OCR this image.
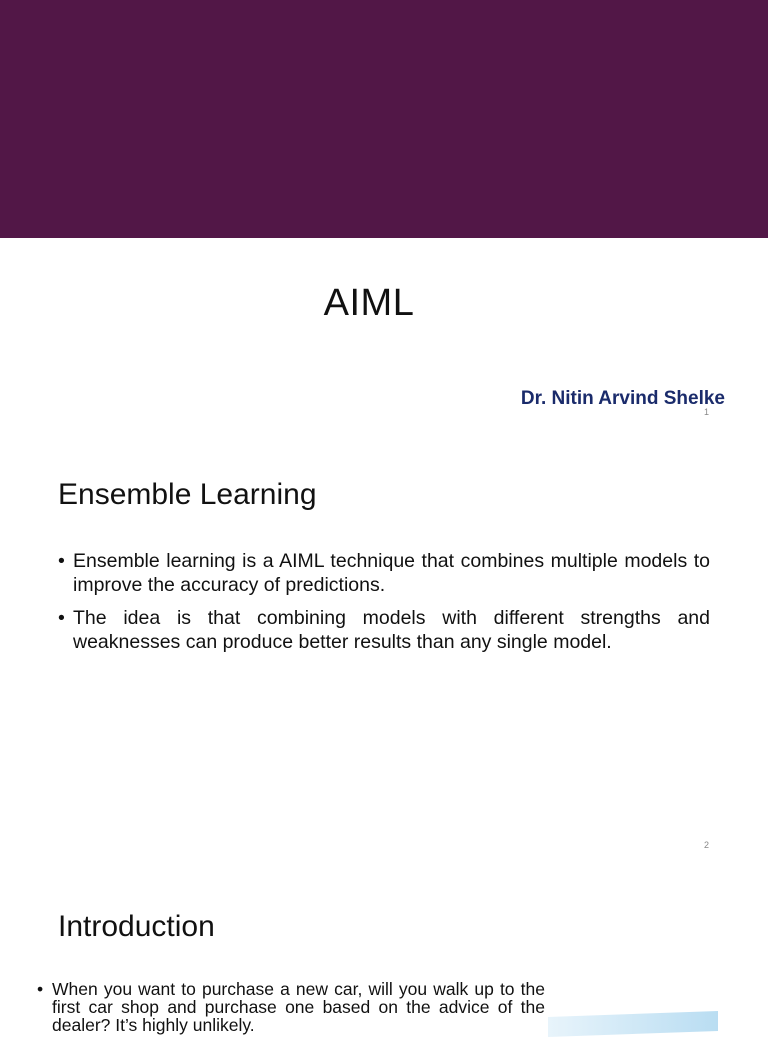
AIML
Dr. Nitin Arvind Shelke
1
Ensemble Learning
• Ensemble learning is a AIML technique that combines multiple models to improve the accuracy of predictions.
• The idea is that combining models with different strengths and weaknesses can produce better results than any single model.
2
Introduction
• When you want to purchase a new car, will you walk up to the first car shop and purchase one based on the advice of the dealer? It’s highly unlikely.
